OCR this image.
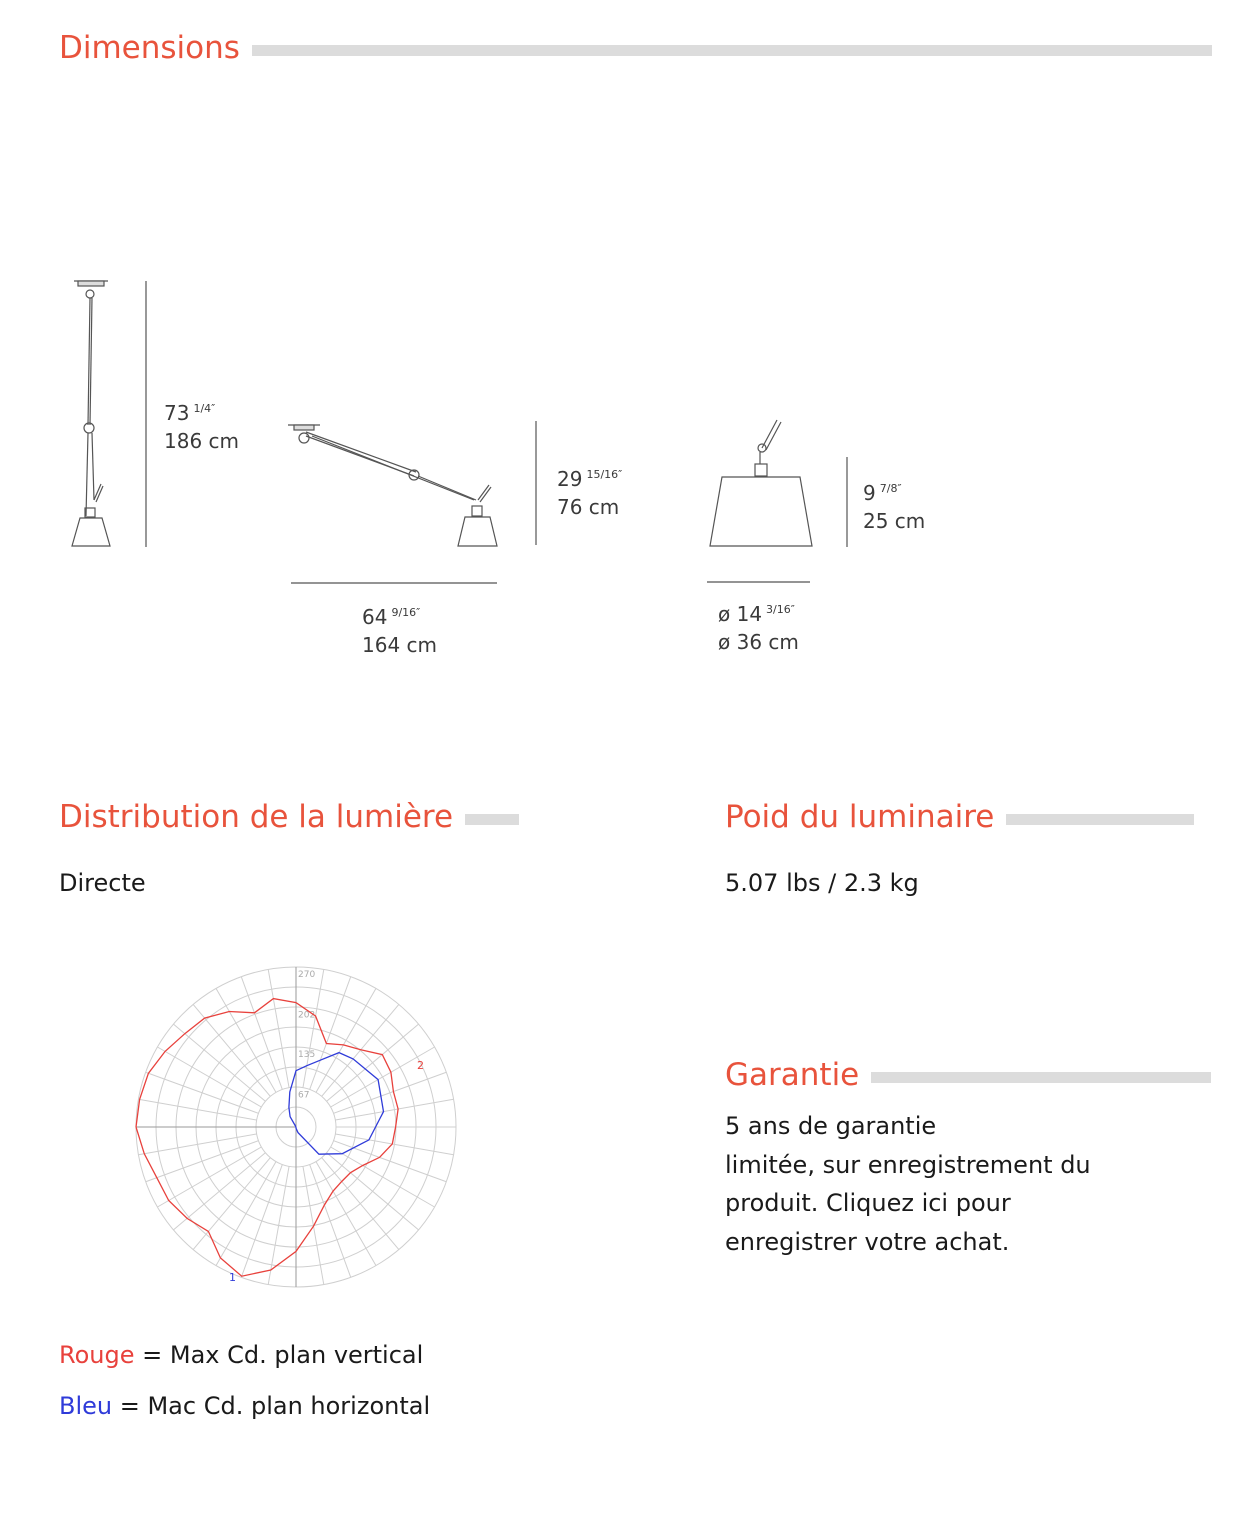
Dimensions
73 $^{1/4''}$
186 cm
29 $^{15/16''}$
76 cm
64 $^{9/16''}$
164 cm
9 $^{7/8''}$
25 cm
ø 14 $^{3/16''}$
ø 36 cm
Distribution de la lumière
Directe
Poid du luminaire
5.07 lbs / 2.3 kg
67
135
202
270
2
1
Garantie
5 ans de garantie
limitée, sur enregistrement du
produit. Cliquez ici pour
enregistrer votre achat.
Rouge = Max Cd. plan vertical
Bleu = Mac Cd. plan horizontal
